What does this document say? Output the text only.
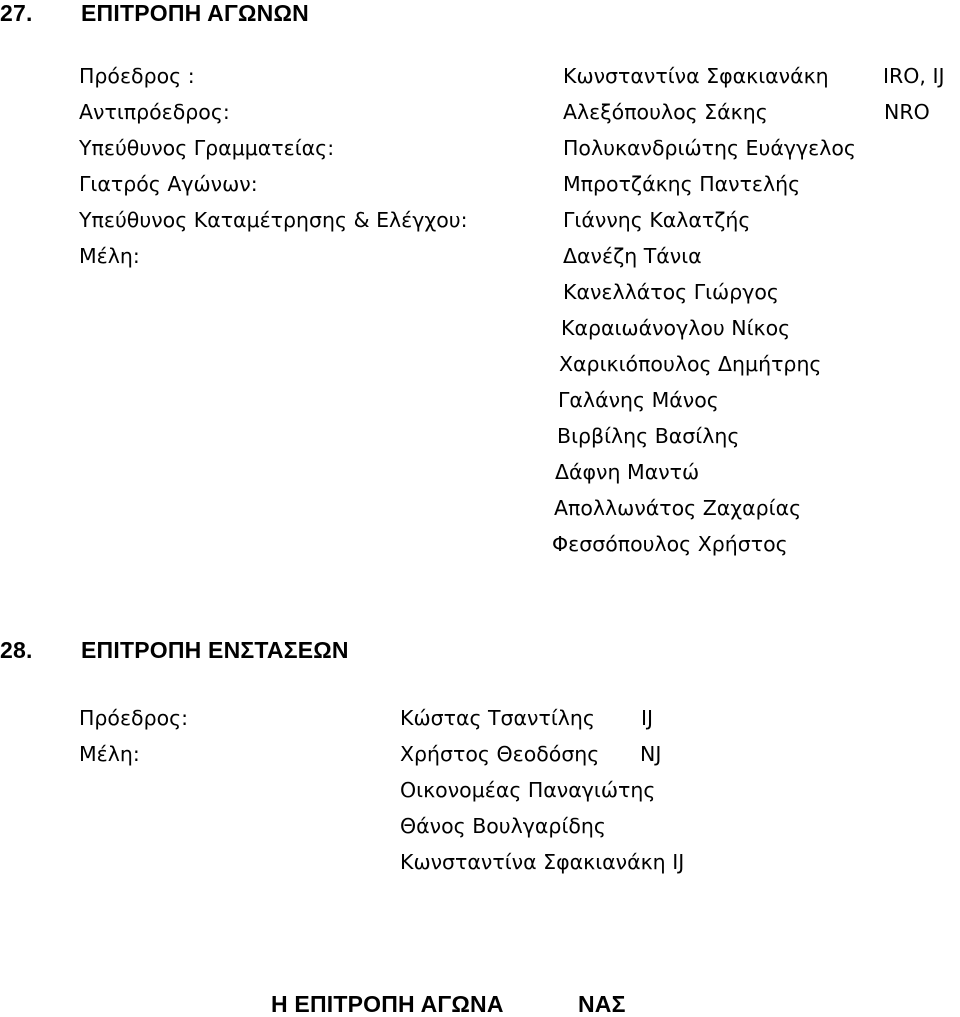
27. ΕΠΙΤΡΟΠΗ ΑΓΩΝΩΝ
Πρόεδρος :	Κωνσταντίνα Σφακιανάκη	IRO, IJ
Αντιπρόεδρος:	Αλεξόπουλος Σάκης	NRO
Υπεύθυνος Γραμματείας:	Πολυκανδριώτης Ευάγγελος
Γιατρός Αγώνων:	Μπροτζάκης Παντελής
Υπεύθυνος Καταμέτρησης & Ελέγχου:	Γιάννης Καλατζής
Μέλη:	Δανέζη Τάνια
Κανελλάτος Γιώργος
Καραιωάνογλου Νίκος
Χαρικιόπουλος Δημήτρης
Γαλάνης Μάνος
Βιρβίλης Βασίλης
Δάφνη Μαντώ
Απολλωνάτος Ζαχαρίας
Φεσσόπουλος Χρήστος
28. ΕΠΙΤΡΟΠΗ ΕΝΣΤΑΣΕΩΝ
Πρόεδρος:	Κώστας Τσαντίλης IJ
Μέλη:	Χρήστος Θεοδόσης NJ
Οικονομέας Παναγιώτης
Θάνος Βουλγαρίδης
Κωνσταντίνα Σφακιανάκη IJ
Η ΕΠΙΤΡΟΠΗ ΑΓΩΝΑ	ΝΑΣ
